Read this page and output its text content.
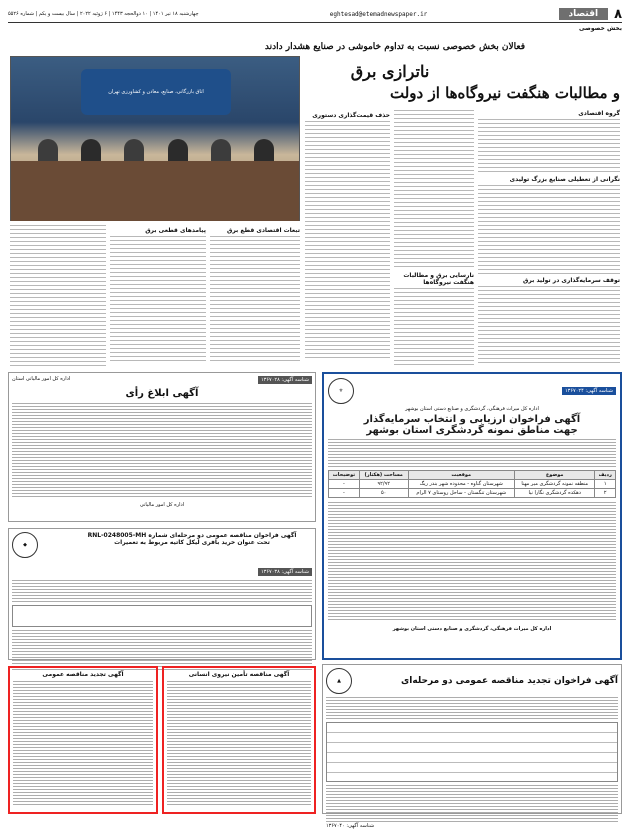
۸
اقتصاد
eghtesad@etemadnewspaper.ir
چهارشنبه ۱۸ تیر ۱۴۰۱ | ۱۰ ذوالحجه ۱۴۴۳ | ۶ ژوئیه ۲۰۲۲ | سال بیست و یکم | شماره ۵۵۲۶
بخش خصوصی
فعالان بخش خصوصی نسبت به تداوم خاموشی در صنایع هشدار دادند
ناترازی برق
و مطالبات هنگفت نیروگاه‌ها از دولت
اتاق بازرگانی، صنایع، معادن و کشاورزی تهران
گروه اقتصادی
نگرانی از تعطیلی صنایع بزرگ تولیدی
توقف سرمایه‌گذاری در تولید برق
نارسایی برق و مطالبات هنگفت نیروگاه‌ها
حذف قیمت‌گذاری دستوری
تبعات اقتصادی قطع برق
پیامدهای قطعی برق
شناسه آگهی: ۱۳۶۷۰۲۴
⚜
اداره کل میراث فرهنگی، گردشگری و صنایع دستی استان بوشهر
آگهی فراخوان ارزیابی و انتخاب سرمایه‌گذار
جهت مناطق نمونه گردشگری استان بوشهر
ردیف	موضوع	موقعیت	مساحت (هکتار)	توضیحات
۱	منطقه نمونه گردشگری میر مهنا	شهرستان گناوه - محدوده شهر بندر ریگ	۹۲/۹۲	-
۲	دهکده گردشگری نگارا نیا	شهرستان تنگستان - ساحل روستای ۷ الرام	۵۰	-
اداره کل میراث فرهنگی، گردشگری و صنایع دستی استان بوشهر
شناسه آگهی: ۱۳۶۷۰۲۸
اداره کل امور مالیاتی استان
آگهی ابلاغ رأی
اداره کل امور مالیاتی
آگهی فراخوان مناقصه عمومی دو مرحله‌ای شماره RNL-0248005-MH
تحت عنوان خرید بافری لیکل کاتیه مربوط به تعمیرات
◆
شناسه آگهی: ۱۳۶۷۰۳۸
آگهی فراخوان تجدید مناقصه عمومی دو مرحله‌ای
▲
شناسه آگهی: ۱۳۶۷۰۴۰
آگهی مناقصه تأمین نیروی انسانی
آگهی تجدید مناقصه عمومی
